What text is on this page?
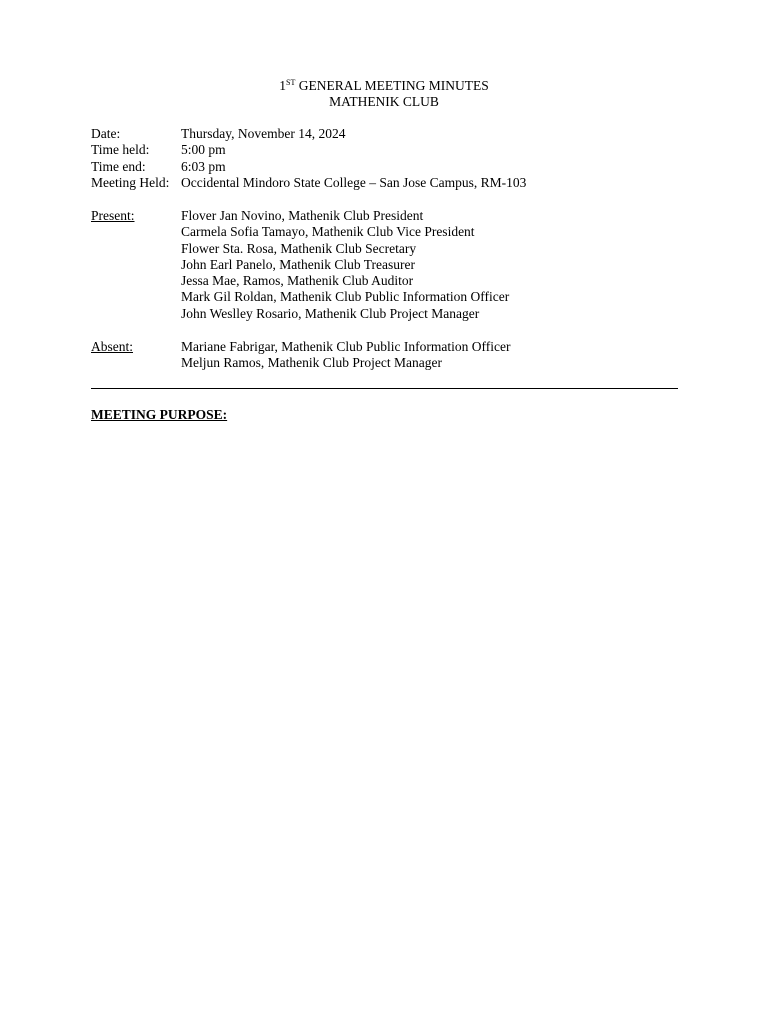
1ST GENERAL MEETING MINUTES
MATHENIK CLUB
Date:	Thursday, November 14, 2024
Time held:	5:00 pm
Time end:	6:03 pm
Meeting Held: Occidental Mindoro State College – San Jose Campus, RM-103
Present:	Flover Jan Novino, Mathenik Club President
Carmela Sofia Tamayo, Mathenik Club Vice President
Flower Sta. Rosa, Mathenik Club Secretary
John Earl Panelo, Mathenik Club Treasurer
Jessa Mae, Ramos, Mathenik Club Auditor
Mark Gil Roldan, Mathenik Club Public Information Officer
John Weslley Rosario, Mathenik Club Project Manager
Absent:	Mariane Fabrigar, Mathenik Club Public Information Officer
Meljun Ramos, Mathenik Club Project Manager
MEETING PURPOSE:
